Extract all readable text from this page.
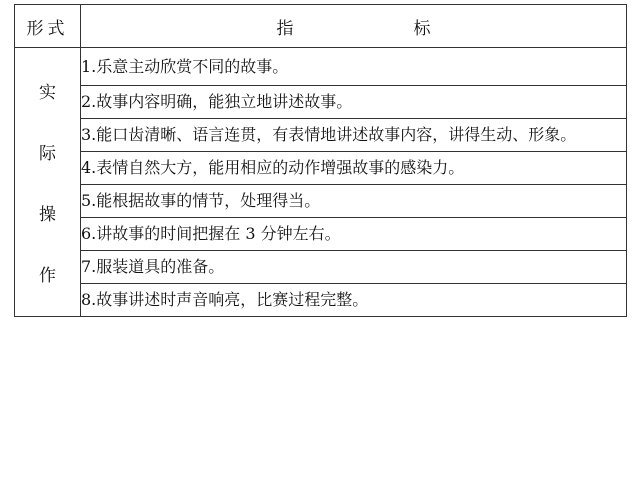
形式	指 标

实
际
操
作	1.乐意主动欣赏不同的故事。
	2.故事内容明确，能独立地讲述故事。
	3.能口齿清晰、语言连贯，有表情地讲述故事内容，讲得生动、形象。
	4.表情自然大方，能用相应的动作增强故事的感染力。
	5.能根据故事的情节，处理得当。
	6.讲故事的时间把握在 3 分钟左右。
	7.服装道具的准备。
	8.故事讲述时声音响亮，比赛过程完整。
